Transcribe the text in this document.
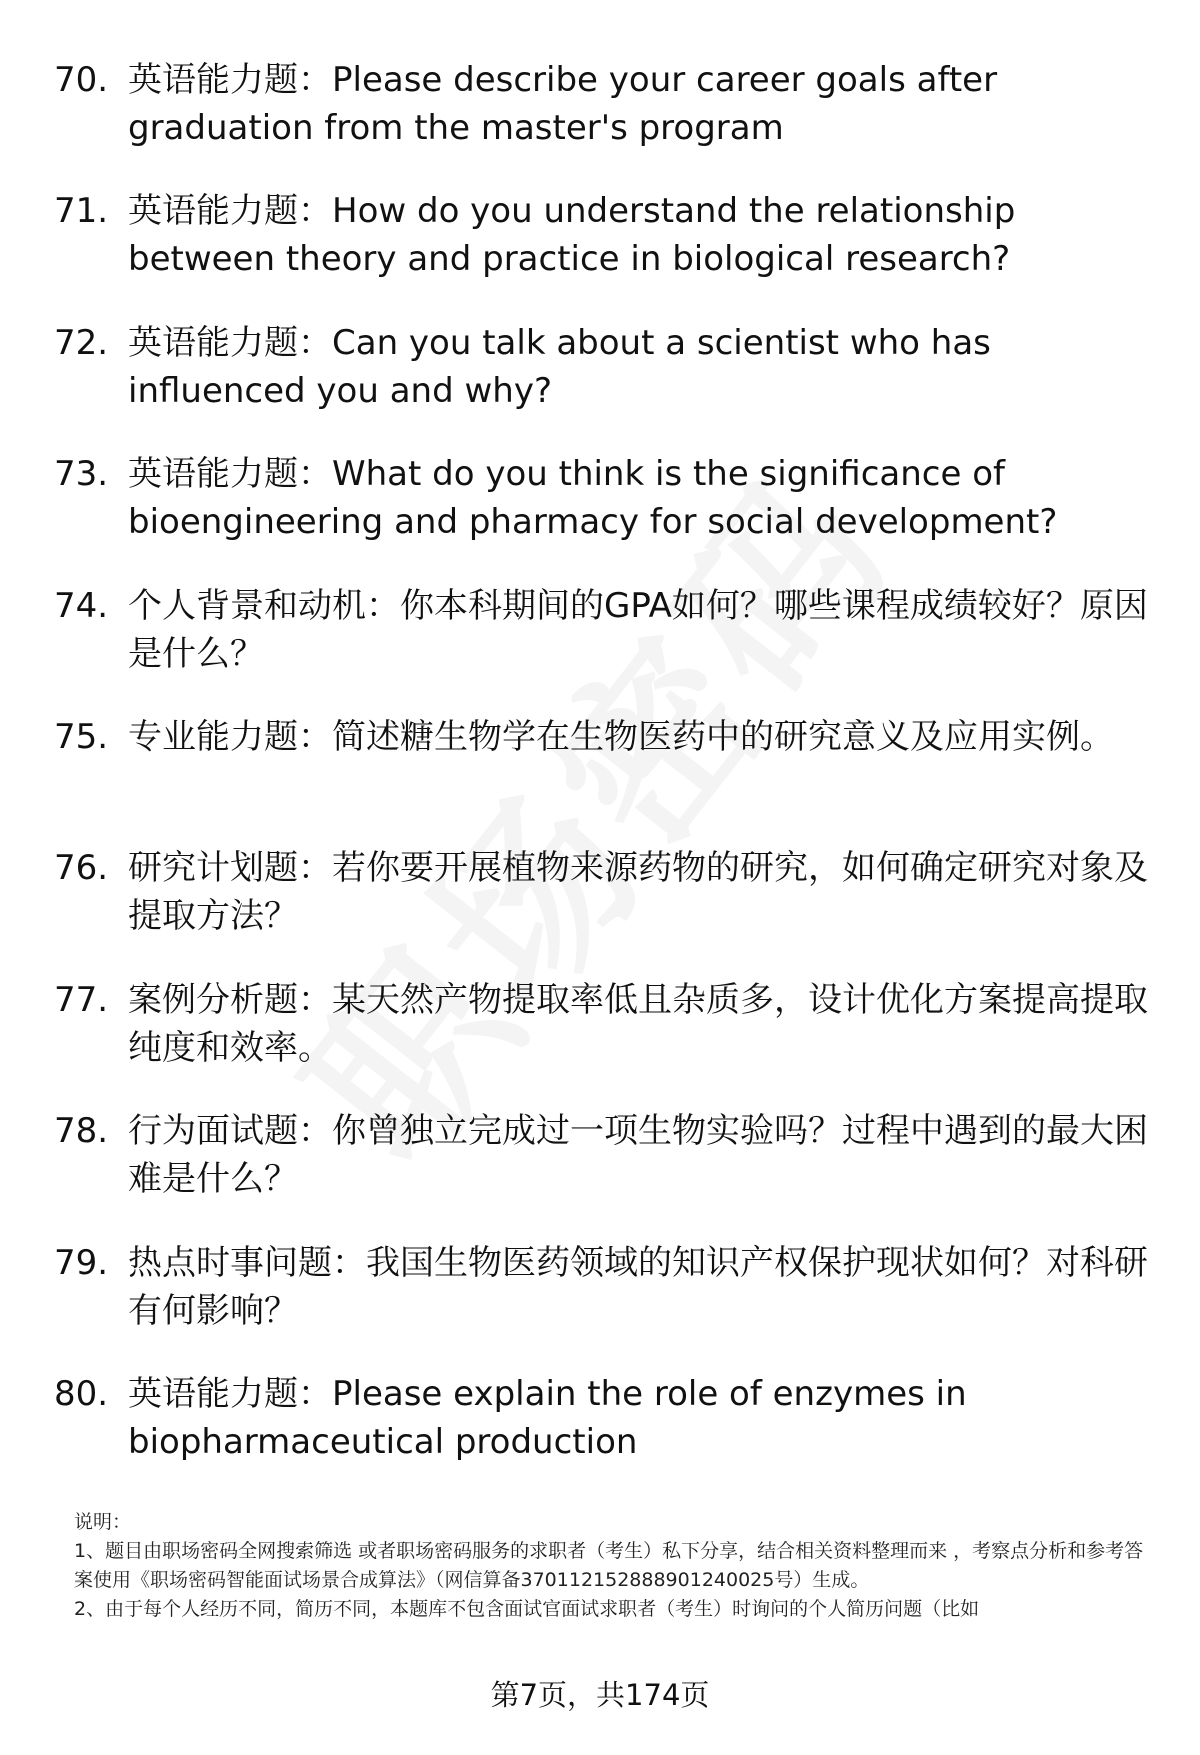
70. 英语能力题：Please describe your career goals after graduation from the master's program
71. 英语能力题：How do you understand the relationship between theory and practice in biological research?
72. 英语能力题：Can you talk about a scientist who has influenced you and why?
73. 英语能力题：What do you think is the significance of bioengineering and pharmacy for social development?
74. 个人背景和动机：你本科期间的GPA如何？哪些课程成绩较好？原因是什么？
75. 专业能力题：简述糖生物学在生物医药中的研究意义及应用实例。
76. 研究计划题：若你要开展植物来源药物的研究，如何确定研究对象及提取方法？
77. 案例分析题：某天然产物提取率低且杂质多，设计优化方案提高提取纯度和效率。
78. 行为面试题：你曾独立完成过一项生物实验吗？过程中遇到的最大困难是什么？
79. 热点时事问题：我国生物医药领域的知识产权保护现状如何？对科研有何影响？
80. 英语能力题：Please explain the role of enzymes in biopharmaceutical production

说明：

1、题目由职场密码全网搜索筛选 或者职场密码服务的求职者（考生）私下分享，结合相关资料整理而来 ，考察点分析和参考答案使用《职场密码智能面试场景合成算法》（网信算备370112152888901240025号）生成。

2、由于每个人经历不同，简历不同，本题库不包含面试官面试求职者（考生）时询问的个人简历问题（比如

第7页，共174页
